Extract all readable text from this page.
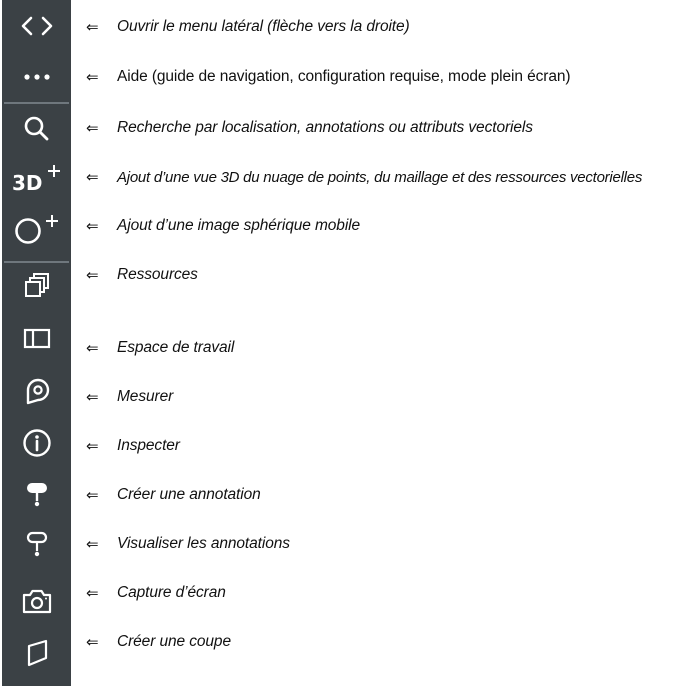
3D
⇐	Ouvrir le menu latéral (flèche vers la droite)
⇐	Aide (guide de navigation, configuration requise, mode plein écran)
⇐	Recherche par localisation, annotations ou attributs vectoriels
⇐	Ajout d’une vue 3D du nuage de points, du maillage et des ressources vectorielles
⇐	Ajout d’une image sphérique mobile
⇐	Ressources
⇐	Espace de travail
⇐	Mesurer
⇐	Inspecter
⇐	Créer une annotation
⇐	Visualiser les annotations
⇐	Capture d’écran
⇐	Créer une coupe
